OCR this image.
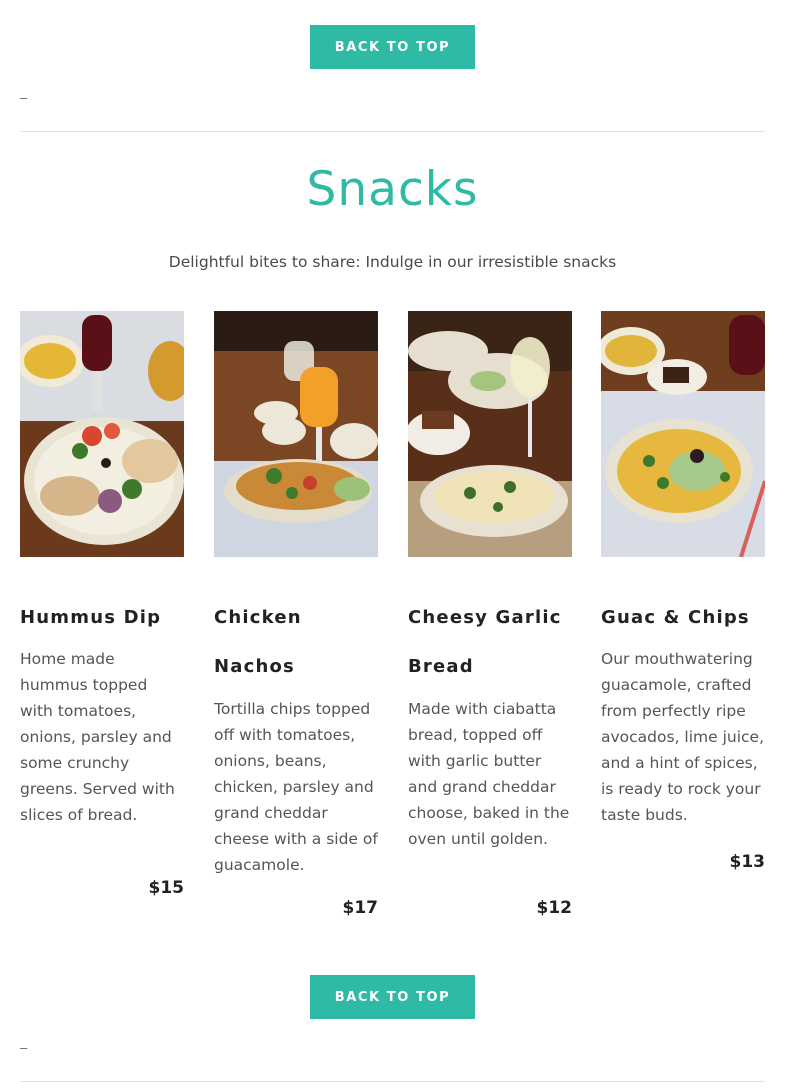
BACK TO TOP
–
Snacks

Delightful bites to share: Indulge in our irresistible snacks

Hummus Dip

Home made hummus topped with tomatoes, onions, parsley and some crunchy greens. Served with slices of bread.

$15
Chicken
Nachos

Tortilla chips topped off with tomatoes, onions, beans, chicken, parsley and grand cheddar cheese with a side of guacamole.

$17
Cheesy Garlic
Bread

Made with ciabatta bread, topped off with garlic butter and grand cheddar choose, baked in the oven until golden.

$12
Guac & Chips

Our mouthwatering guacamole, crafted from perfectly ripe avocados, lime juice, and a hint of spices, is ready to rock your taste buds.

$13
BACK TO TOP
–
